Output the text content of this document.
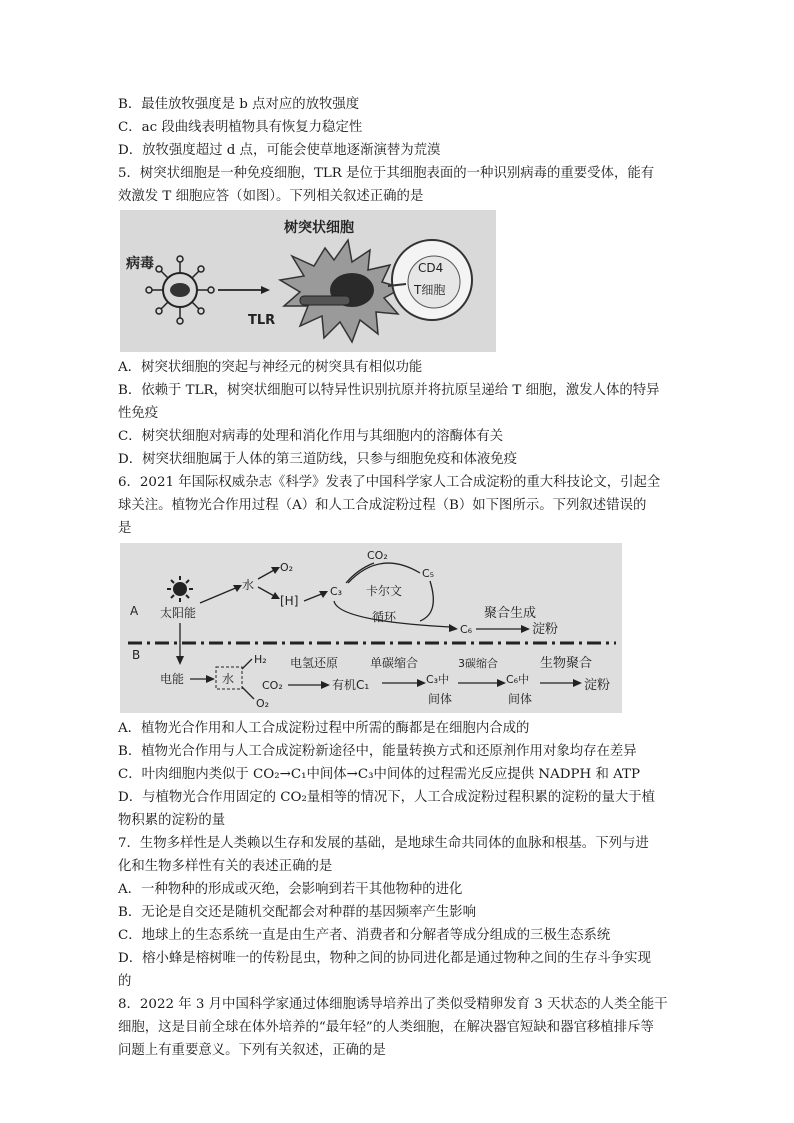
B．最佳放牧强度是 b 点对应的放牧强度
C．ac 段曲线表明植物具有恢复力稳定性
D．放牧强度超过 d 点，可能会使草地逐渐演替为荒漠
5．树突状细胞是一种免疫细胞，TLR 是位于其细胞表面的一种识别病毒的重要受体，能有
效激发 T 细胞应答（如图）。下列相关叙述正确的是
病毒
树突状细胞
TLR
CD4
T细胞
A．树突状细胞的突起与神经元的树突具有相似功能
B．依赖于 TLR，树突状细胞可以特异性识别抗原并将抗原呈递给 T 细胞，激发人体的特异
性免疫
C．树突状细胞对病毒的处理和消化作用与其细胞内的溶酶体有关
D．树突状细胞属于人体的第三道防线，只参与细胞免疫和体液免疫
6．2021 年国际权威杂志《科学》发表了中国科学家人工合成淀粉的重大科技论文，引起全
球关注。植物光合作用过程（A）和人工合成淀粉过程（B）如下图所示。下列叙述错误的
是
A 太阳能
水
O₂
[H]
C₃
CO₂
C₅
卡尔文
循环
C₆
聚合生成
淀粉
B
电能	水
H₂
O₂
CO₂
电氢还原
有机C₁
单碳缩合
C₃中
间体
3碳缩合
C₆中
间体
生物聚合
淀粉
A．植物光合作用和人工合成淀粉过程中所需的酶都是在细胞内合成的
B．植物光合作用与人工合成淀粉新途径中，能量转换方式和还原剂作用对象均存在差异
C．叶肉细胞内类似于 CO₂→C₁中间体→C₃中间体的过程需光反应提供 NADPH 和 ATP
D．与植物光合作用固定的 CO₂量相等的情况下，人工合成淀粉过程积累的淀粉的量大于植
物积累的淀粉的量
7．生物多样性是人类赖以生存和发展的基础，是地球生命共同体的血脉和根基。下列与进
化和生物多样性有关的表述正确的是
A．一种物种的形成或灭绝，会影响到若干其他物种的进化
B．无论是自交还是随机交配都会对种群的基因频率产生影响
C．地球上的生态系统一直是由生产者、消费者和分解者等成分组成的三极生态系统
D．榕小蜂是榕树唯一的传粉昆虫，物种之间的协同进化都是通过物种之间的生存斗争实现
的
8．2022 年 3 月中国科学家通过体细胞诱导培养出了类似受精卵发育 3 天状态的人类全能干
细胞，这是目前全球在体外培养的“最年轻”的人类细胞，在解决器官短缺和器官移植排斥等
问题上有重要意义。下列有关叙述，正确的是
